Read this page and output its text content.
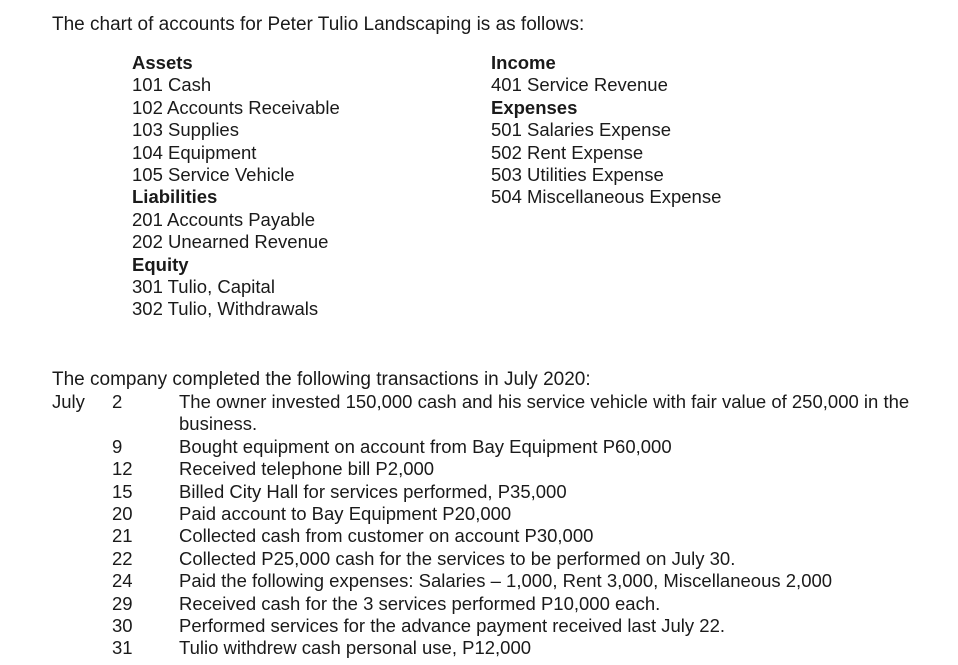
The chart of accounts for Peter Tulio Landscaping is as follows:
Assets
101 Cash
102 Accounts Receivable
103 Supplies
104 Equipment
105 Service Vehicle
Liabilities
201 Accounts Payable
202 Unearned Revenue
Equity
301 Tulio, Capital
302 Tulio, Withdrawals
Income
401 Service Revenue
Expenses
501 Salaries Expense
502 Rent Expense
503 Utilities Expense
504 Miscellaneous Expense
The company completed the following transactions in July 2020:
July 2	The owner invested 150,000 cash and his service vehicle with fair value of 250,000 in the business.
9	Bought equipment on account from Bay Equipment P60,000
12	Received telephone bill P2,000
15	Billed City Hall for services performed, P35,000
20	Paid account to Bay Equipment P20,000
21	Collected cash from customer on account P30,000
22	Collected P25,000 cash for the services to be performed on July 30.
24	Paid the following expenses: Salaries – 1,000, Rent 3,000, Miscellaneous 2,000
29	Received cash for the 3 services performed P10,000 each.
30	Performed services for the advance payment received last July 22.
31	Tulio withdrew cash personal use, P12,000
